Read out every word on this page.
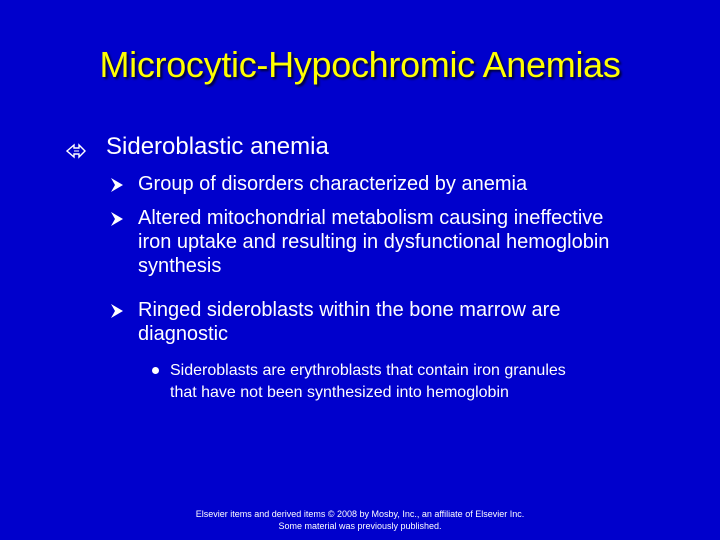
Microcytic-Hypochromic Anemias
Sideroblastic anemia
Group of disorders characterized by anemia
Altered mitochondrial metabolism causing ineffective iron uptake and resulting in dysfunctional hemoglobin synthesis
Ringed sideroblasts within the bone marrow are diagnostic
Sideroblasts are erythroblasts that contain iron granules that have not been synthesized into hemoglobin
Elsevier items and derived items © 2008 by Mosby, Inc., an affiliate of Elsevier Inc.
Some material was previously published.
